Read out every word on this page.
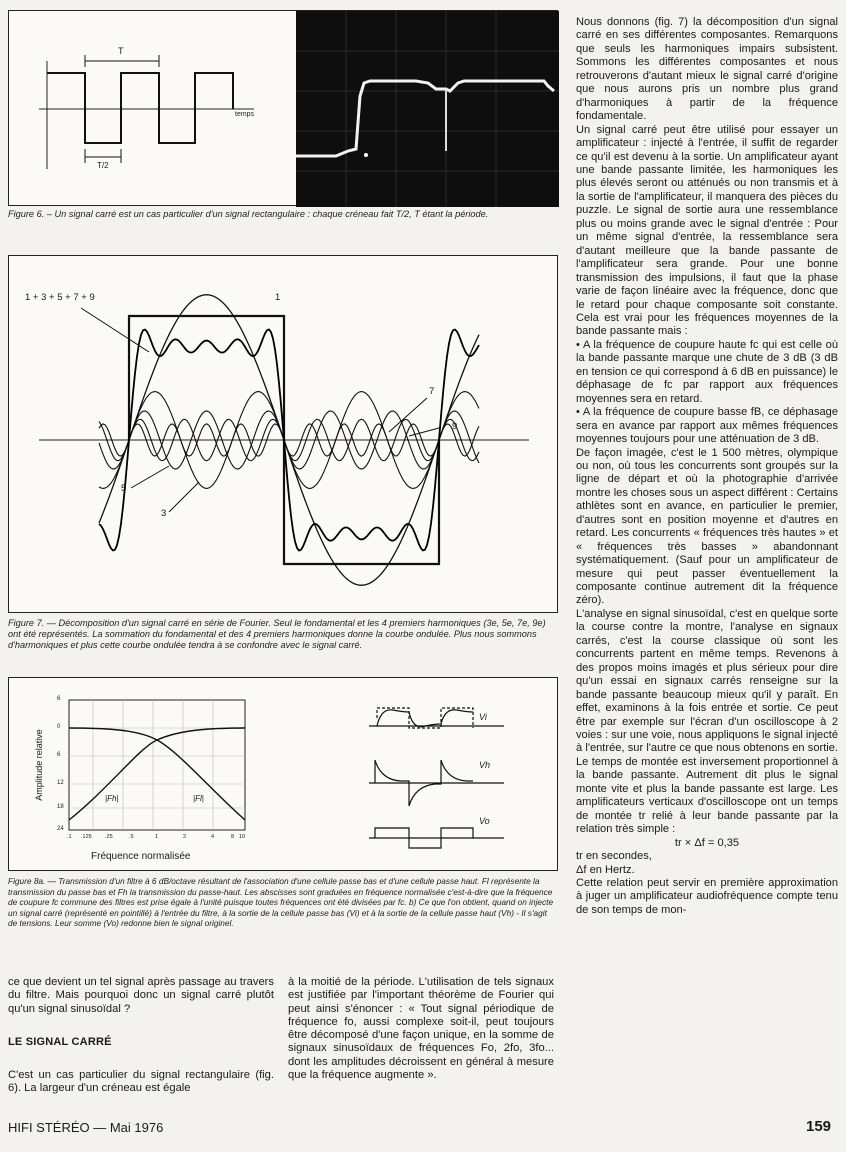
T
T/2
temps
Figure 6. – Un signal carré est un cas particulier d'un signal rectangulaire : chaque créneau fait T/2, T étant la période.
1 + 3 + 5 + 7 + 9	1
7
9
5
3
Figure 7. — Décomposition d'un signal carré en série de Fourier. Seul le fondamental et les 4 premiers harmoniques (3e, 5e, 7e, 9e) ont été représentés. La sommation du fondamental et des 4 premiers harmoniques donne la courbe ondulée. Plus nous sommons d'harmoniques et plus cette courbe ondulée tendra à se confondre avec le signal carré.
Amplitude relative
Fréquence normalisée
6
0
6
12
18
24
.1 .125 .25	.5	1	2	4	8 10
|Fh|	|Fl|
Vi
Vh
Vo
Figure 8a. — Transmission d'un filtre à 6 dB/octave résultant de l'association d'une cellule passe bas et d'une cellule passe haut. Fl représente la transmission du passe bas et Fh la transmission du passe-haut. Les abscisses sont graduées en fréquence normalisée c'est-à-dire que la fréquence de coupure fc commune des filtres est prise égale à l'unité puisque toutes fréquences ont été divisées par fc. b) Ce que l'on obtient, quand on injecte un signal carré (représenté en pointillé) à l'entrée du filtre, à la sortie de la cellule passe bas (Vi) et à la sortie de la cellule passe haut (Vh) - Il s'agit de tensions. Leur somme (Vo) redonne bien le signal originel.

ce que devient un tel signal après passage au travers du filtre. Mais pourquoi donc un signal carré plutôt qu'un signal sinusoïdal ?

LE SIGNAL CARRÉ

C'est un cas particulier du signal rectangulaire (fig. 6). La largeur d'un créneau est égale

à la moitié de la période. L'utilisation de tels signaux est justifiée par l'important théorème de Fourier qui peut ainsi s'énoncer : « Tout signal périodique de fréquence fo, aussi complexe soit-il, peut toujours être décomposé d'une façon unique, en la somme de signaux sinusoïdaux de fréquences Fo, 2fo, 3fo... dont les amplitudes décroissent en général à mesure que la fréquence augmente ».

Nous donnons (fig. 7) la décomposition d'un signal carré en ses différentes composantes. Remarquons que seuls les harmoniques impairs subsistent. Sommons les différentes composantes et nous retrouverons d'autant mieux le signal carré d'origine que nous aurons pris un nombre plus grand d'harmoniques à partir de la fréquence fondamentale.

Un signal carré peut être utilisé pour essayer un amplificateur : injecté à l'entrée, il suffit de regarder ce qu'il est devenu à la sortie. Un amplificateur ayant une bande passante limitée, les harmoniques les plus élevés seront ou atténués ou non transmis et à la sortie de l'amplificateur, il manquera des pièces du puzzle. Le signal de sortie aura une ressemblance plus ou moins grande avec le signal d'entrée : Pour un même signal d'entrée, la ressemblance sera d'autant meilleure que la bande passante de l'amplificateur sera grande. Pour une bonne transmission des impulsions, il faut que la phase varie de façon linéaire avec la fréquence, donc que le retard pour chaque composante soit constante. Cela est vrai pour les fréquences moyennes de la bande passante mais :

• A la fréquence de coupure haute fc qui est celle où la bande passante marque une chute de 3 dB (3 dB en tension ce qui correspond à 6 dB en puissance) le déphasage de fc par rapport aux fréquences moyennes sera en retard.

• A la fréquence de coupure basse fB, ce déphasage sera en avance par rapport aux mêmes fréquences moyennes toujours pour une atténuation de 3 dB.

De façon imagée, c'est le 1 500 mètres, olympique ou non, où tous les concurrents sont groupés sur la ligne de départ et où la photographie d'arrivée montre les choses sous un aspect différent : Certains athlètes sont en avance, en particulier le premier, d'autres sont en position moyenne et d'autres en retard. Les concurrents « fréquences très hautes » et « fréquences très basses » abandonnant systématiquement. (Sauf pour un amplificateur de mesure qui peut passer éventuellement la composante continue autrement dit la fréquence zéro).

L'analyse en signal sinusoïdal, c'est en quelque sorte la course contre la montre, l'analyse en signaux carrés, c'est la course classique où sont les concurrents partent en même temps. Revenons à des propos moins imagés et plus sérieux pour dire qu'un essai en signaux carrés renseigne sur la bande passante beaucoup mieux qu'il y paraît. En effet, examinons à la fois entrée et sortie. Ce peut être par exemple sur l'écran d'un oscilloscope à 2 voies : sur une voie, nous appliquons le signal injecté à l'entrée, sur l'autre ce que nous obtenons en sortie. Le temps de montée est inversement proportionnel à la bande passante. Autrement dit plus le signal monte vite et plus la bande passante est large. Les amplificateurs verticaux d'oscilloscope ont un temps de montée tr relié à leur bande passante par la relation très simple :

tr × Δf = 0,35

tr en secondes,

Δf en Hertz.

Cette relation peut servir en première approximation à juger un amplificateur audiofréquence compte tenu de son temps de mon-

HIFI STÉRÉO — Mai 1976	159
